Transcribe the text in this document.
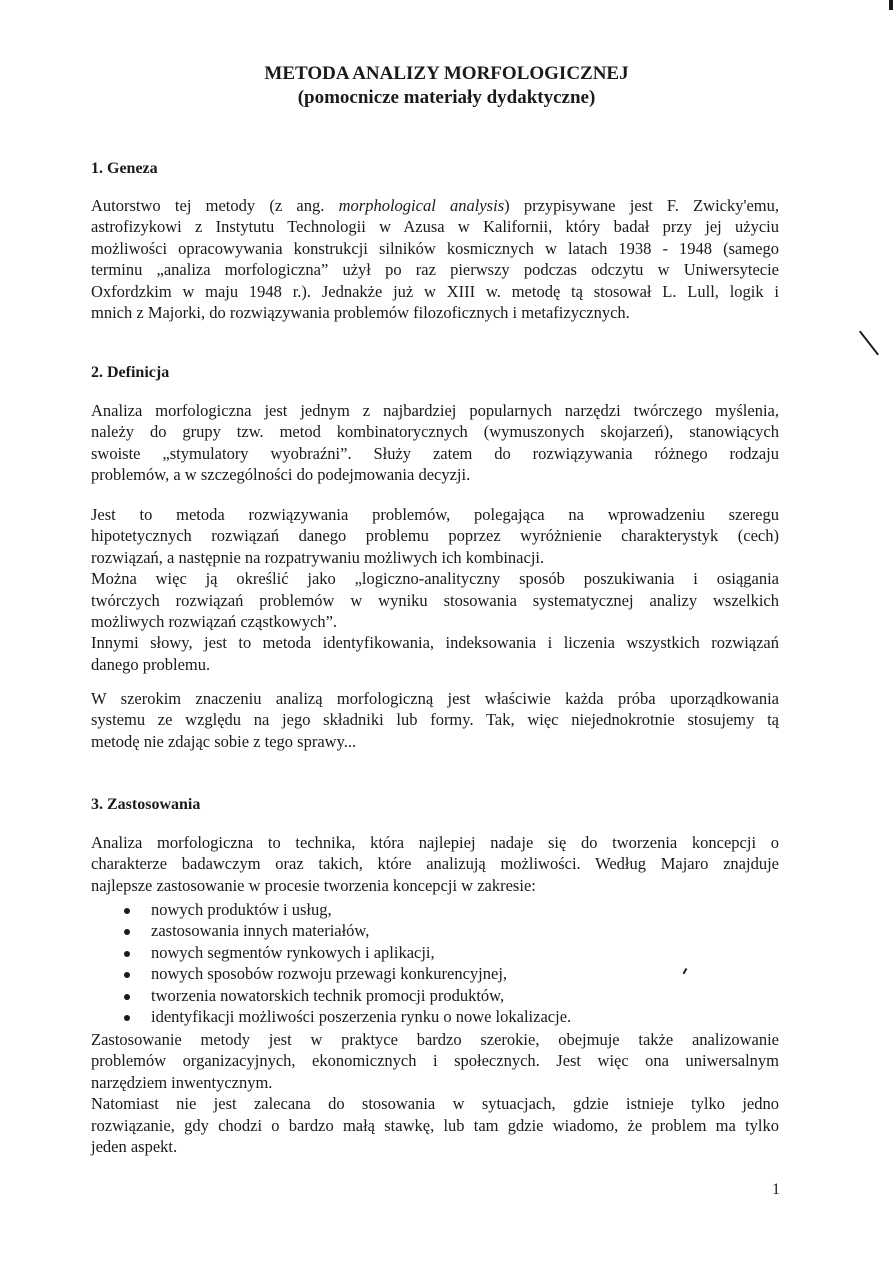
METODA ANALIZY MORFOLOGICZNEJ
(pomocnicze materiały dydaktyczne)
1. Geneza
Autorstwo tej metody (z ang. morphological analysis) przypisywane jest F. Zwicky'emu,
astrofizykowi z Instytutu Technologii w Azusa w Kalifornii, który badał przy jej użyciu
możliwości opracowywania konstrukcji silników kosmicznych w latach 1938 - 1948 (samego
terminu „analiza morfologiczna” użył po raz pierwszy podczas odczytu w Uniwersytecie
Oxfordzkim w maju 1948 r.). Jednakże już w XIII w. metodę tą stosował L. Lull, logik i
mnich z Majorki, do rozwiązywania problemów filozoficznych i metafizycznych.
2. Definicja
Analiza morfologiczna jest jednym z najbardziej popularnych narzędzi twórczego myślenia,
należy do grupy tzw. metod kombinatorycznych (wymuszonych skojarzeń), stanowiących
swoiste „stymulatory wyobraźni”. Służy zatem do rozwiązywania różnego rodzaju
problemów, a w szczególności do podejmowania decyzji.
Jest to metoda rozwiązywania problemów, polegająca na wprowadzeniu szeregu
hipotetycznych rozwiązań danego problemu poprzez wyróżnienie charakterystyk (cech)
rozwiązań, a następnie na rozpatrywaniu możliwych ich kombinacji.
Można więc ją określić jako „logiczno-analityczny sposób poszukiwania i osiągania
twórczych rozwiązań problemów w wyniku stosowania systematycznej analizy wszelkich
możliwych rozwiązań cząstkowych”.
Innymi słowy, jest to metoda identyfikowania, indeksowania i liczenia wszystkich rozwiązań
danego problemu.
W szerokim znaczeniu analizą morfologiczną jest właściwie każda próba uporządkowania
systemu ze względu na jego składniki lub formy. Tak, więc niejednokrotnie stosujemy tą
metodę nie zdając sobie z tego sprawy...
3. Zastosowania
Analiza morfologiczna to technika, która najlepiej nadaje się do tworzenia koncepcji o
charakterze badawczym oraz takich, które analizują możliwości. Według Majaro znajduje
najlepsze zastosowanie w procesie tworzenia koncepcji w zakresie:
nowych produktów i usług,
zastosowania innych materiałów,
nowych segmentów rynkowych i aplikacji,
nowych sposobów rozwoju przewagi konkurencyjnej,
tworzenia nowatorskich technik promocji produktów,
identyfikacji możliwości poszerzenia rynku o nowe lokalizacje.
Zastosowanie metody jest w praktyce bardzo szerokie, obejmuje także analizowanie
problemów organizacyjnych, ekonomicznych i społecznych. Jest więc ona uniwersalnym
narzędziem inwentycznym.
Natomiast nie jest zalecana do stosowania w sytuacjach, gdzie istnieje tylko jedno
rozwiązanie, gdy chodzi o bardzo małą stawkę, lub tam gdzie wiadomo, że problem ma tylko
jeden aspekt.
1
